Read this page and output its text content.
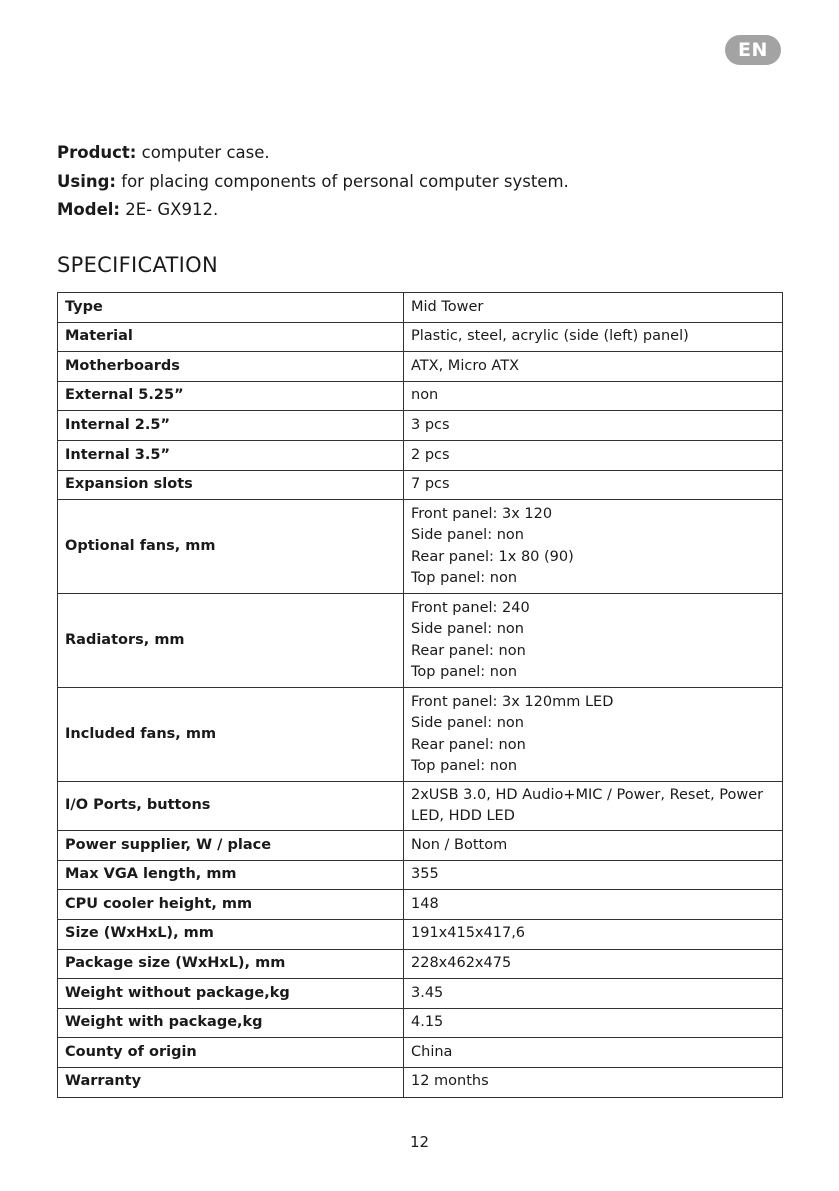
EN
Product: computer case.
Using: for placing components of personal computer system.
Model: 2E- GX912.
SPECIFICATION
Type	Mid Tower

Material	Plastic, steel, acrylic (side (left) panel)

Motherboards	ATX, Micro ATX

External 5.25”	non

Internal 2.5”	3 pcs

Internal 3.5”	2 pcs

Expansion slots	7 pcs

Optional fans, mm	Front panel: 3x 120
Side panel: non
Rear panel: 1x 80 (90)
Top panel: non

Radiators, mm	Front panel: 240
Side panel: non
Rear panel: non
Top panel: non

Included fans, mm	Front panel: 3x 120mm LED
Side panel: non
Rear panel: non
Top panel: non

I/O Ports, buttons	2xUSB 3.0, HD Audio+MIC / Power, Reset, Power LED, HDD LED

Power supplier, W / place	Non / Bottom

Max VGA length, mm	355

CPU cooler height, mm	148

Size (WxHxL), mm	191x415x417,6

Package size (WxHxL), mm	228x462x475

Weight without package,kg	3.45

Weight with package,kg	4.15

County of origin	China

Warranty	12 months
12
